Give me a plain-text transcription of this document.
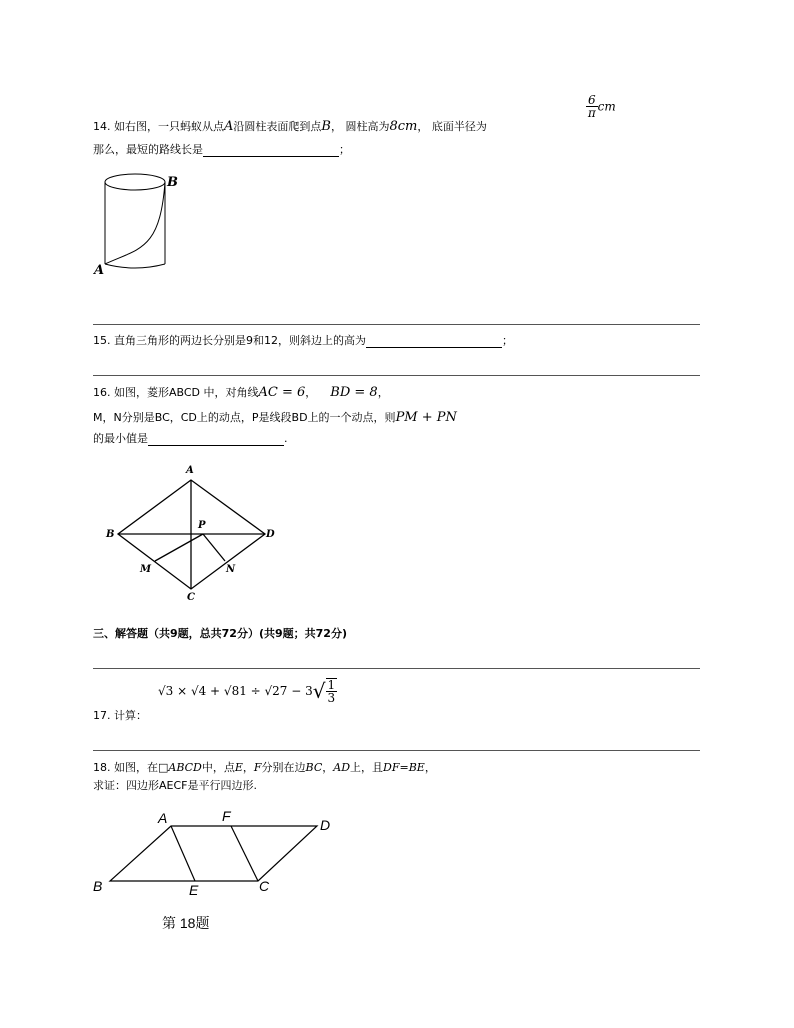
14. 如右图，一只蚂蚁从点A沿圆柱表面爬到点B， 圆柱高为8cm， 底面半径为
$\frac{6}{\pi}$ cm
那么，最短的路线长是	；
B
A
15. 直角三角形的两边长分别是9和12，则斜边上的高为	；
16. 如图，菱形ABCD 中，对角线AC = 6， BD = 8，
M，N分别是BC，CD上的动点，P是线段BD上的一个动点，则PM + PN
的最小值是	.
A
B	D
P
M	N
C
三、解答题（共9题，总共72分）(共9题；共72分)
$√3 \times √4 + √81 \div √27 - 3√ \frac{1}{3}$
17. 计算：
18. 如图，在□ABCD中，点E，F分别在边BC，AD上，且DF=BE，
求证：四边形AECF是平行四边形.
A	F
D
B	E	C
第 18题
